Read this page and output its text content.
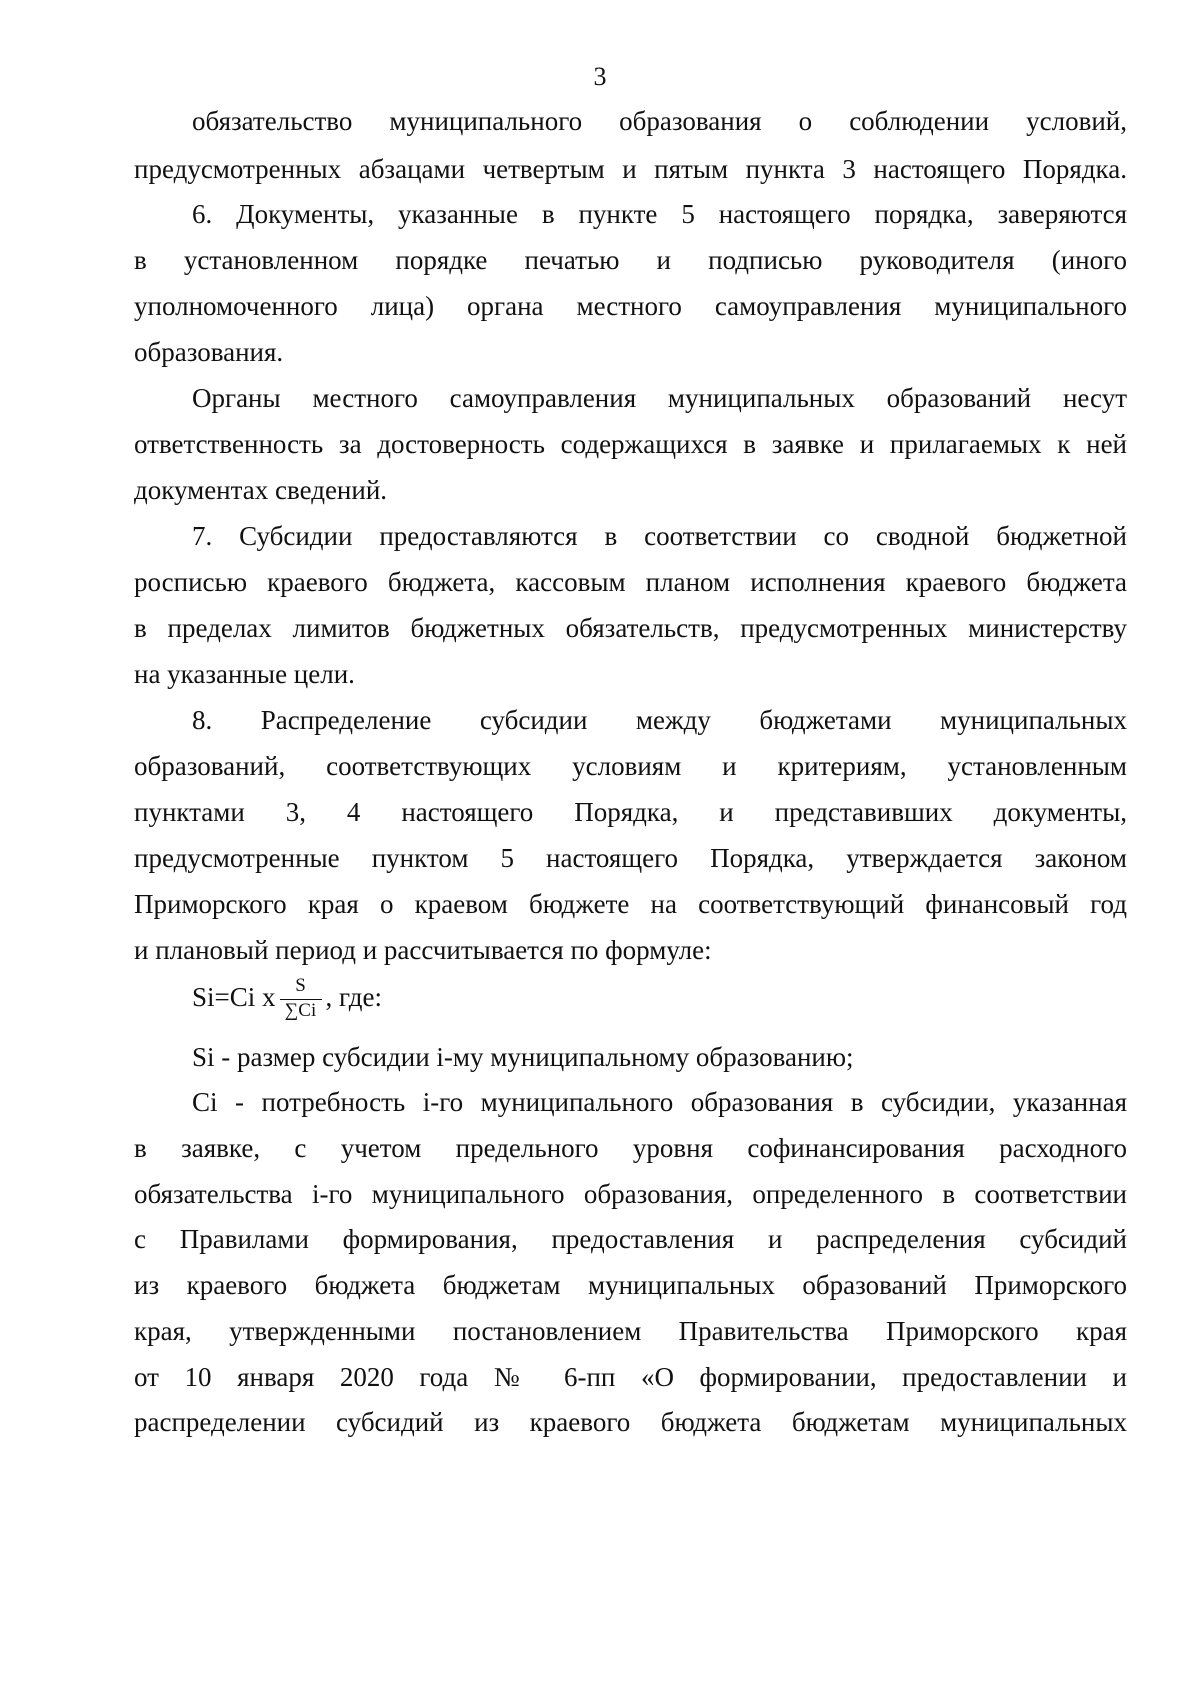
3
обязательство муниципального образования о соблюдении условий,
предусмотренных абзацами четвертым и пятым пункта 3 настоящего Порядка.
6. Документы, указанные в пункте 5 настоящего порядка, заверяются
в установленном порядке печатью и подписью руководителя (иного
уполномоченного лица) органа местного самоуправления муниципального
образования.
Органы местного самоуправления муниципальных образований несут
ответственность за достоверность содержащихся в заявке и прилагаемых к ней
документах сведений.
7. Субсидии предоставляются в соответствии со сводной бюджетной
росписью краевого бюджета, кассовым планом исполнения краевого бюджета
в пределах лимитов бюджетных обязательств, предусмотренных министерству
на указанные цели.
8. Распределение субсидии между бюджетами муниципальных
образований, соответствующих условиям и критериям, установленным
пунктами 3, 4 настоящего Порядка, и представивших документы,
предусмотренные пунктом 5 настоящего Порядка, утверждается законом
Приморского края о краевом бюджете на соответствующий финансовый год
и плановый период и рассчитывается по формуле:
Si=Ci x $\frac{S}{\sum Ci}$ , где:
Si - размер субсидии i-му муниципальному образованию;
Ci - потребность i-го муниципального образования в субсидии, указанная
в заявке, с учетом предельного уровня софинансирования расходного
обязательства i-го муниципального образования, определенного в соответствии
с Правилами формирования, предоставления и распределения субсидий
из краевого бюджета бюджетам муниципальных образований Приморского
края, утвержденными постановлением Правительства Приморского края
от 10 января 2020 года № 6-пп «О формировании, предоставлении и
распределении субсидий из краевого бюджета бюджетам муниципальных
